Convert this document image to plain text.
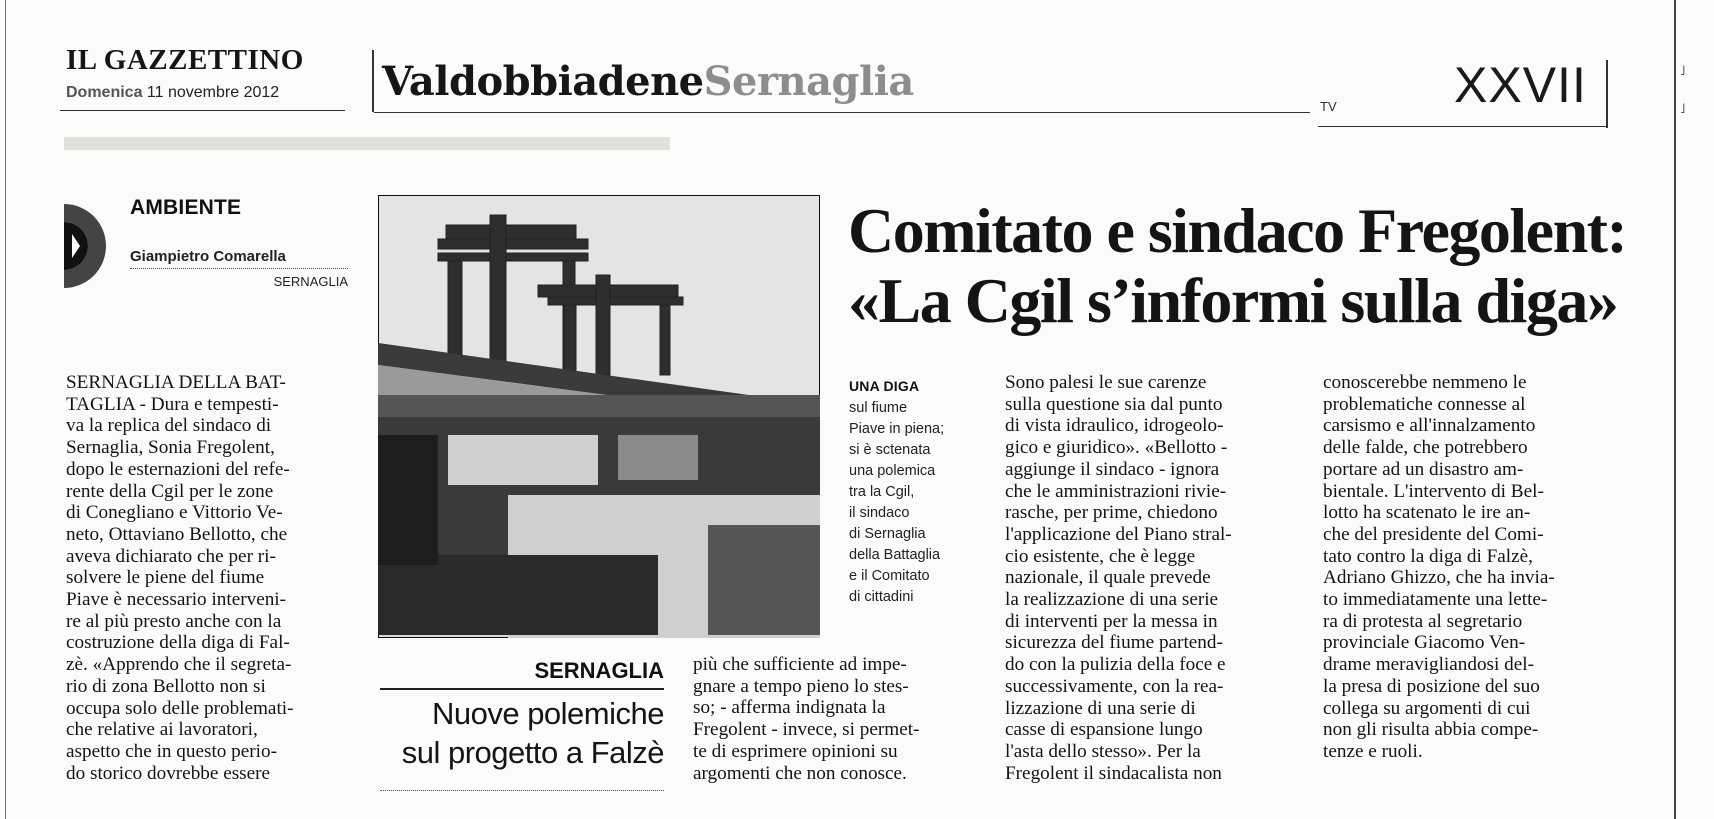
IL GAZZETTINO
Domenica 11 novembre 2012	ValdobbiadeneSernaglia
TV XXVII
AMBIENTE
Giampietro Comarella
SERNAGLIA
Comitato e sindaco Fregolent:
«La Cgil s’informi sulla diga»
UNA DIGA
sul fiume
Piave in piena;
si è sctenata
una polemica
tra la Cgil,
il sindaco
di Sernaglia
della Battaglia
e il Comitato
di cittadini
SERNAGLIA DELLA BAT-
TAGLIA - Dura e tempesti-
va la replica del sindaco di
Sernaglia, Sonia Fregolent,
dopo le esternazioni del refe-
rente della Cgil per le zone
di Conegliano e Vittorio Ve-
neto, Ottaviano Bellotto, che
aveva dichiarato che per ri-
solvere le piene del fiume
Piave è necessario interveni-
re al più presto anche con la
costruzione della diga di Fal-
zè. «Apprendo che il segreta-
rio di zona Bellotto non si
occupa solo delle problemati-
che relative ai lavoratori,
aspetto che in questo perio-
do storico dovrebbe essere
più che sufficiente ad impe-
gnare a tempo pieno lo stes-
so; - afferma indignata la
Fregolent - invece, si permet-
te di esprimere opinioni su
argomenti che non conosce.
Sono palesi le sue carenze
sulla questione sia dal punto
di vista idraulico, idrogeolo-
gico e giuridico». «Bellotto -
aggiunge il sindaco - ignora
che le amministrazioni rivie-
rasche, per prime, chiedono
l'applicazione del Piano stral-
cio esistente, che è legge
nazionale, il quale prevede
la realizzazione di una serie
di interventi per la messa in
sicurezza del fiume partend-
do con la pulizia della foce e
successivamente, con la rea-
lizzazione di una serie di
casse di espansione lungo
l'asta dello stesso». Per la
Fregolent il sindacalista non
conoscerebbe nemmeno le
problematiche connesse al
carsismo e all'innalzamento
delle falde, che potrebbero
portare ad un disastro am-
bientale. L'intervento di Bel-
lotto ha scatenato le ire an-
che del presidente del Comi-
tato contro la diga di Falzè,
Adriano Ghizzo, che ha invia-
to immediatamente una lette-
ra di protesta al segretario
provinciale Giacomo Ven-
drame meravigliandosi del-
la presa di posizione del suo
collega su argomenti di cui
non gli risulta abbia compe-
tenze e ruoli.
SERNAGLIA
Nuove polemiche
sul progetto a Falzè
˩
˩
